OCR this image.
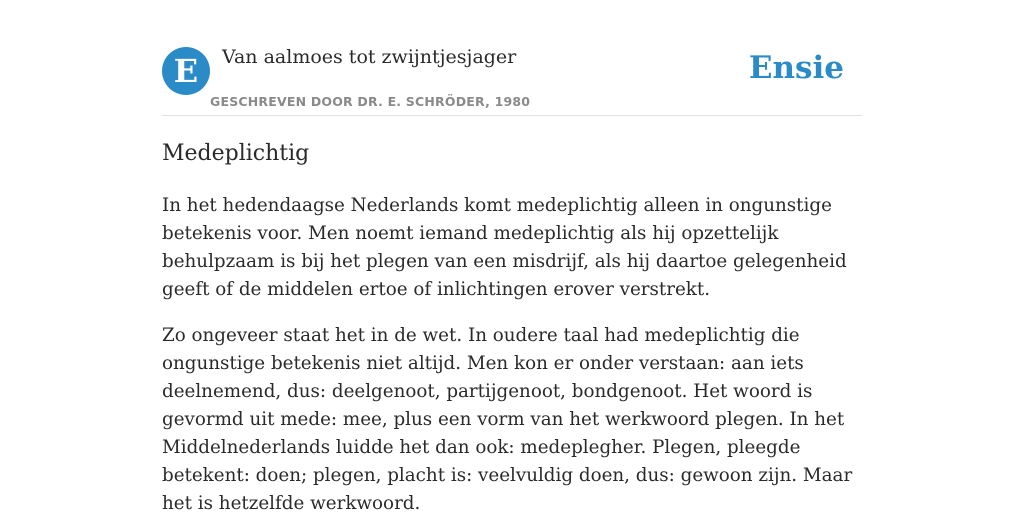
E	Van aalmoes tot zwijntjesjager
GESCHREVEN DOOR DR. E. SCHRÖDER, 1980
Ensie
Medeplichtig

In het hedendaagse Nederlands komt medeplichtig alleen in ongunstige betekenis voor. Men noemt iemand medeplichtig als hij opzettelijk behulpzaam is bij het plegen van een misdrijf, als hij daartoe gelegenheid geeft of de middelen ertoe of inlichtingen erover verstrekt.

Zo ongeveer staat het in de wet. In oudere taal had medeplichtig die ongunstige betekenis niet altijd. Men kon er onder verstaan: aan iets deelnemend, dus: deelgenoot, partijgenoot, bondgenoot. Het woord is gevormd uit mede: mee, plus een vorm van het werkwoord plegen. In het Middelnederlands luidde het dan ook: medeplegher. Plegen, pleegde betekent: doen; plegen, placht is: veelvuldig doen, dus: gewoon zijn. Maar het is hetzelfde werkwoord.
